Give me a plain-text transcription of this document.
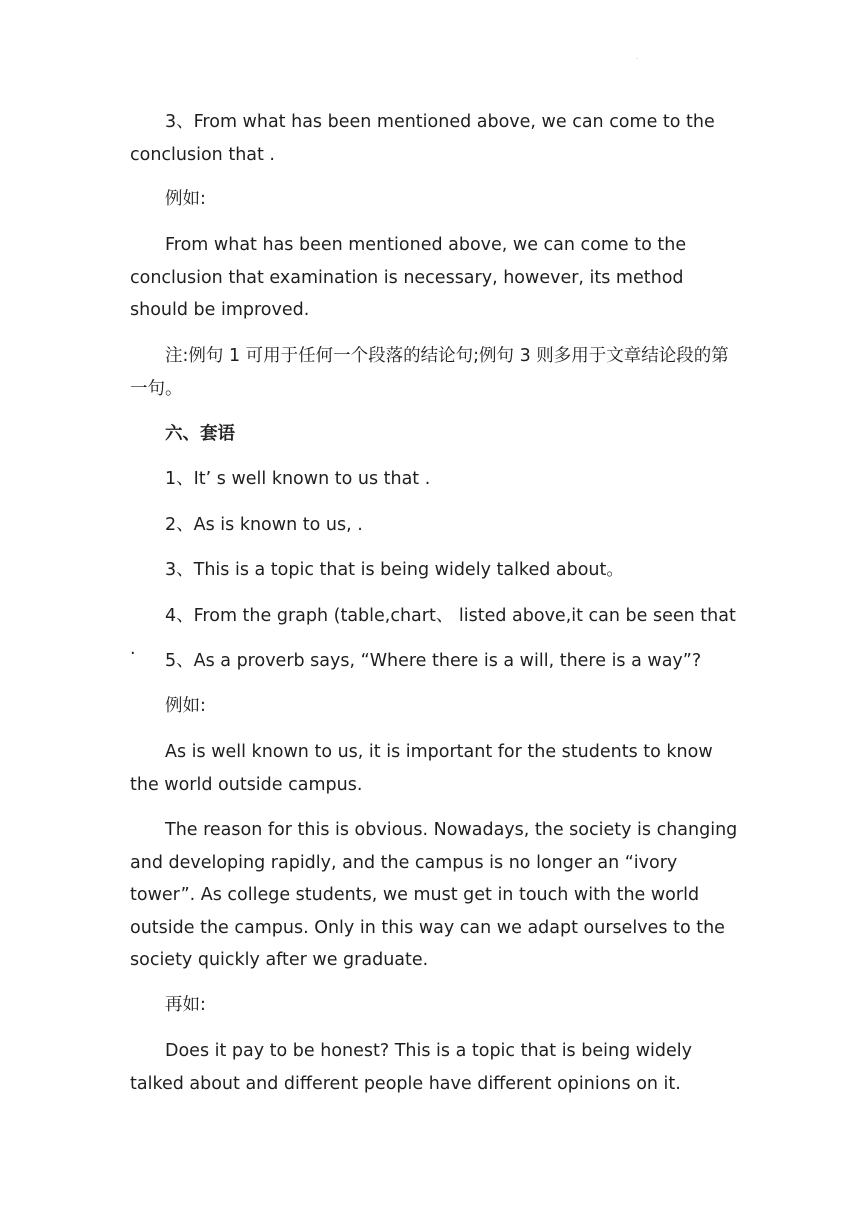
·

3、From what has been mentioned above, we can come to the conclusion that .

例如:

From what has been mentioned above, we can come to the conclusion that examination is necessary, however, its method should be improved.

注:例句 1 可用于任何一个段落的结论句;例句 3 则多用于文章结论段的第一句。

六、套语

1、It’ s well known to us that .

2、As is known to us, .

3、This is a topic that is being widely talked about。

4、From the graph (table,chart、 listed above,it can be seen that .

5、As a proverb says, “Where there is a will, there is a way”?

例如:

As is well known to us, it is important for the students to know the world outside campus.

The reason for this is obvious. Nowadays, the society is changing and developing rapidly, and the campus is no longer an “ivory tower”. As college students, we must get in touch with the world outside the campus. Only in this way can we adapt ourselves to the society quickly after we graduate.

再如:

Does it pay to be honest? This is a topic that is being widely talked about and different people have different opinions on it.
